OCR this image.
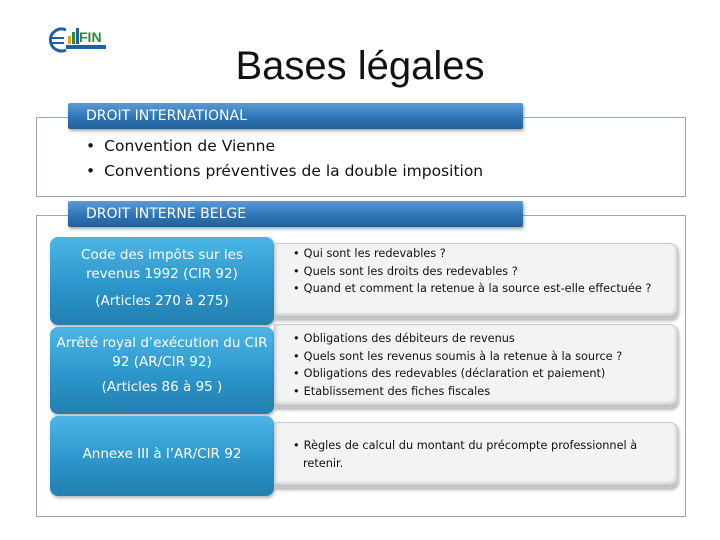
FIN
Bases légales
DROIT INTERNATIONAL
• Convention de Vienne
• Conventions préventives de la double imposition
DROIT INTERNE BELGE
Code des impôts sur les revenus 1992 (CIR 92)
(Articles 270 à 275)
• Qui sont les redevables ?
• Quels sont les droits des redevables ?
• Quand et comment la retenue à la source est-elle effectuée ?
Arrêté royal d’exécution du CIR 92 (AR/CIR 92)
(Articles 86 à 95 )
• Obligations des débiteurs de revenus
• Quels sont les revenus soumis à la retenue à la source ?
• Obligations des redevables (déclaration et paiement)
• Etablissement des fiches fiscales
Annexe III à l’AR/CIR 92
• Règles de calcul du montant du précompte professionnel à retenir.
